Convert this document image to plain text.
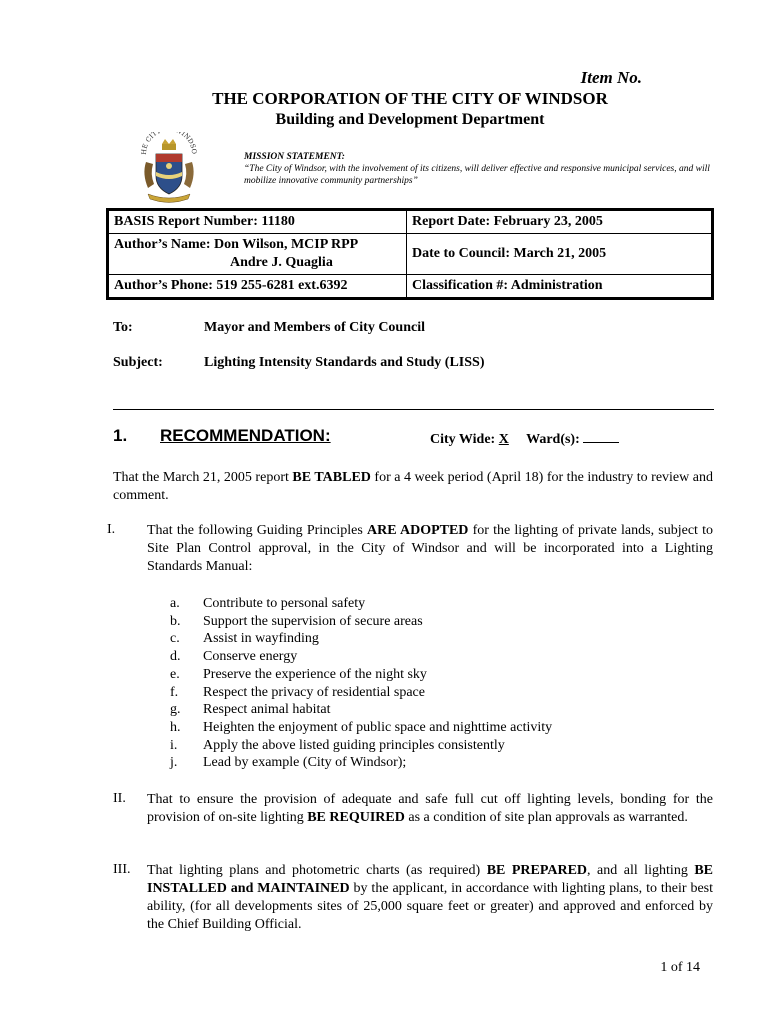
Item No.
THE CORPORATION OF THE CITY OF WINDSOR
Building and Development Department
HE CIT INDSO
MISSION STATEMENT:
“The City of Windsor, with the involvement of its citizens, will deliver effective and responsive municipal services, and will mobilize innovative community partnerships”
BASIS Report Number: 11180	Report Date: February 23, 2005

Author’s Name: Don Wilson, MCIP RPP
Andre J. Quaglia	Date to Council: March 21, 2005
Author’s Phone: 519 255-6281 ext.6392	Classification #: Administration
To:	Mayor and Members of City Council
Subject:	Lighting Intensity Standards and Study (LISS)
1. RECOMMENDATION:	City Wide: X Ward(s):
That the March 21, 2005 report BE TABLED for a 4 week period (April 18) for the industry to review and comment.
I. That the following Guiding Principles ARE ADOPTED for the lighting of private lands, subject to Site Plan Control approval, in the City of Windsor and will be incorporated into a Lighting Standards Manual:
a.	Contribute to personal safety
b.	Support the supervision of secure areas
c.	Assist in wayfinding
d.	Conserve energy
e.	Preserve the experience of the night sky
f.	Respect the privacy of residential space
g.	Respect animal habitat
h.	Heighten the enjoyment of public space and nighttime activity
i.	Apply the above listed guiding principles consistently
j.	Lead by example (City of Windsor);
II. That to ensure the provision of adequate and safe full cut off lighting levels, bonding for the provision of on-site lighting BE REQUIRED as a condition of site plan approvals as warranted.
III. That lighting plans and photometric charts (as required) BE PREPARED, and all lighting BE INSTALLED and MAINTAINED by the applicant, in accordance with lighting plans, to their best ability, (for all developments sites of 25,000 square feet or greater) and approved and enforced by the Chief Building Official.
1 of 14
